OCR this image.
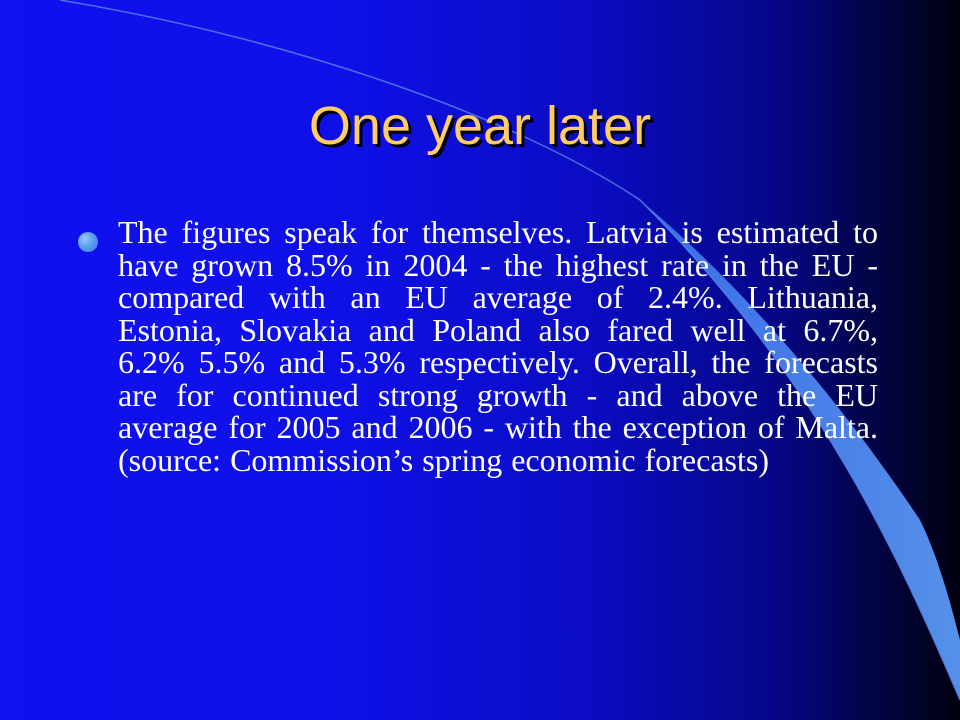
One year later
The figures speak for themselves. Latvia is estimated to have grown 8.5% in 2004 - the highest rate in the EU - compared with an EU average of 2.4%. Lithuania, Estonia, Slovakia and Poland also fared well at 6.7%, 6.2% 5.5% and 5.3% respectively. Overall, the forecasts are for continued strong growth - and above the EU average for 2005 and 2006 - with the exception of Malta. (source: Commission’s spring economic forecasts)
